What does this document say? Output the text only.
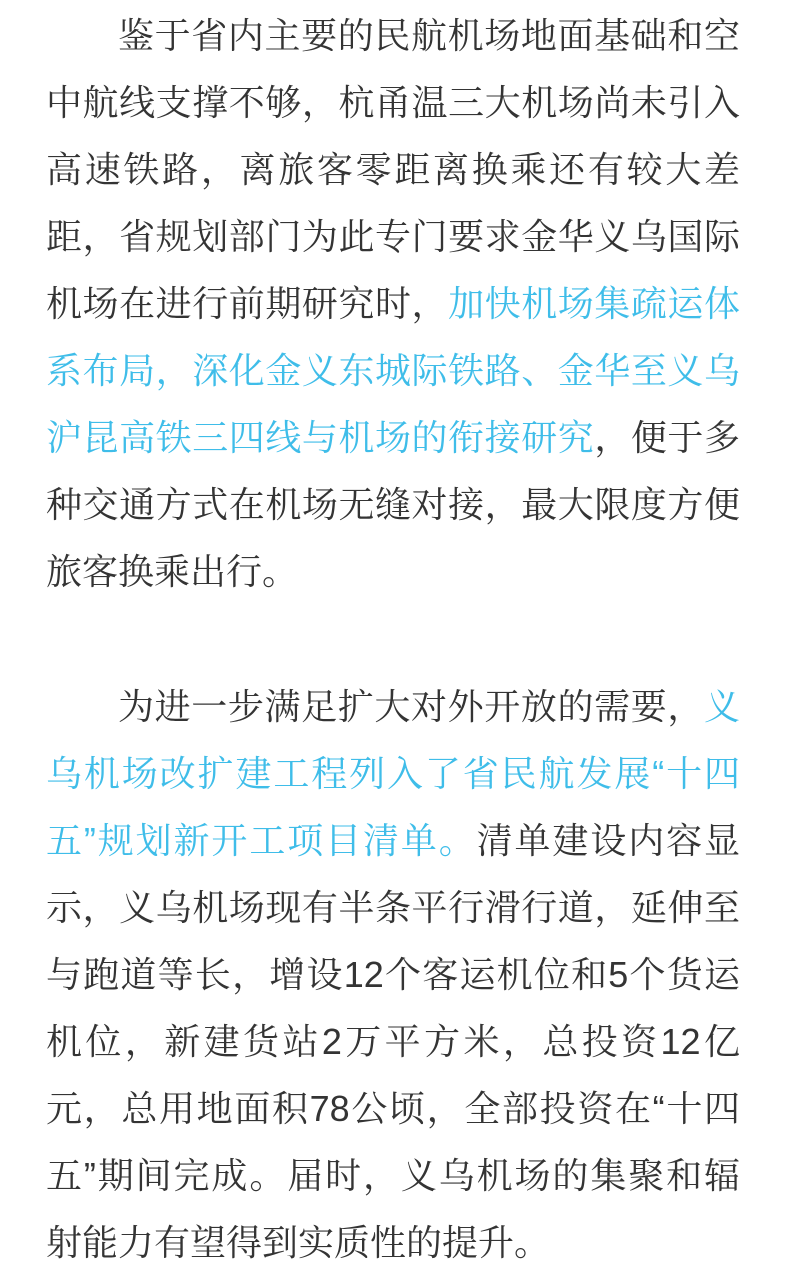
鉴于省内主要的民航机场地面基础和空
中航线支撑不够，杭甬温三大机场尚未引入
高速铁路，离旅客零距离换乘还有较大差
距，省规划部门为此专门要求金华义乌国际
机场在进行前期研究时，加快机场集疏运体
系布局，深化金义东城际铁路、金华至义乌
沪昆高铁三四线与机场的衔接研究，便于多
种交通方式在机场无缝对接，最大限度方便
旅客换乘出行。
为进一步满足扩大对外开放的需要，义
乌机场改扩建工程列入了省民航发展“十四
五”规划新开工项目清单。清单建设内容显
示，义乌机场现有半条平行滑行道，延伸至
与跑道等长，增设12个客运机位和5个货运
机位，新建货站2万平方米，总投资12亿
元，总用地面积78公顷，全部投资在“十四
五”期间完成。届时，义乌机场的集聚和辐
射能力有望得到实质性的提升。
